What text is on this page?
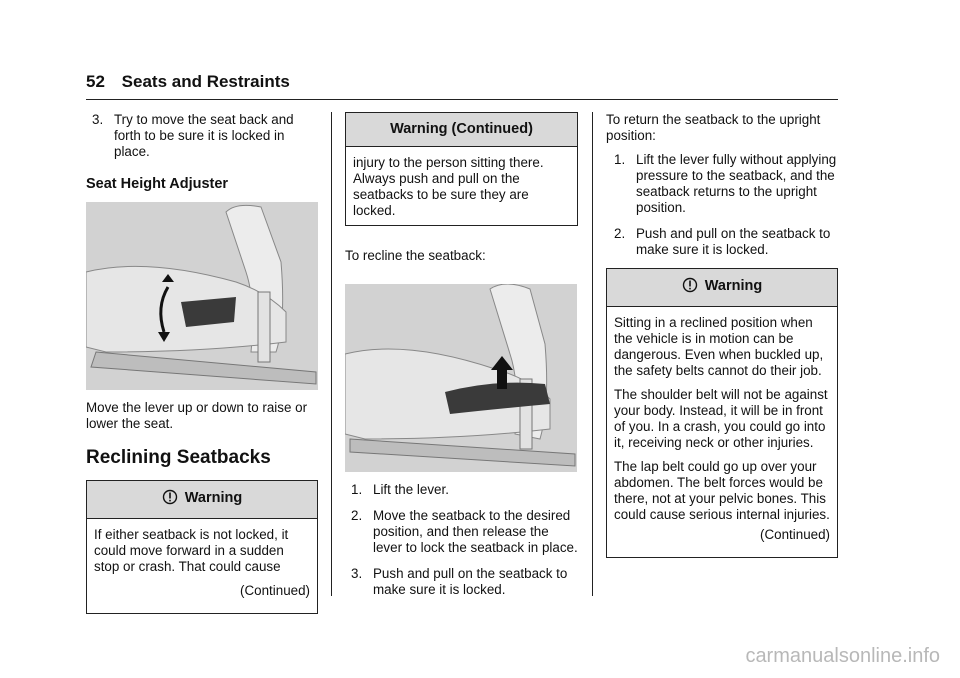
52 Seats and Restraints
3. Try to move the seat back and forth to be sure it is locked in place.
Seat Height Adjuster

Move the lever up or down to raise or lower the seat.

Reclining Seatbacks
Warning

If either seatback is not locked, it could move forward in a sudden stop or crash. That could cause

(Continued)

Warning (Continued)

injury to the person sitting there. Always push and pull on the seatbacks to be sure they are locked.

To recline the seatback:

1. Lift the lever.
2. Move the seatback to the desired position, and then release the lever to lock the seatback in place.
3. Push and pull on the seatback to make sure it is locked.

To return the seatback to the upright position:

1. Lift the lever fully without applying pressure to the seatback, and the seatback returns to the upright position.
2. Push and pull on the seatback to make sure it is locked.
Warning

Sitting in a reclined position when the vehicle is in motion can be dangerous. Even when buckled up, the safety belts cannot do their job.

The shoulder belt will not be against your body. Instead, it will be in front of you. In a crash, you could go into it, receiving neck or other injuries.

The lap belt could go up over your abdomen. The belt forces would be there, not at your pelvic bones. This could cause serious internal injuries.

(Continued)

carmanualsonline.info
